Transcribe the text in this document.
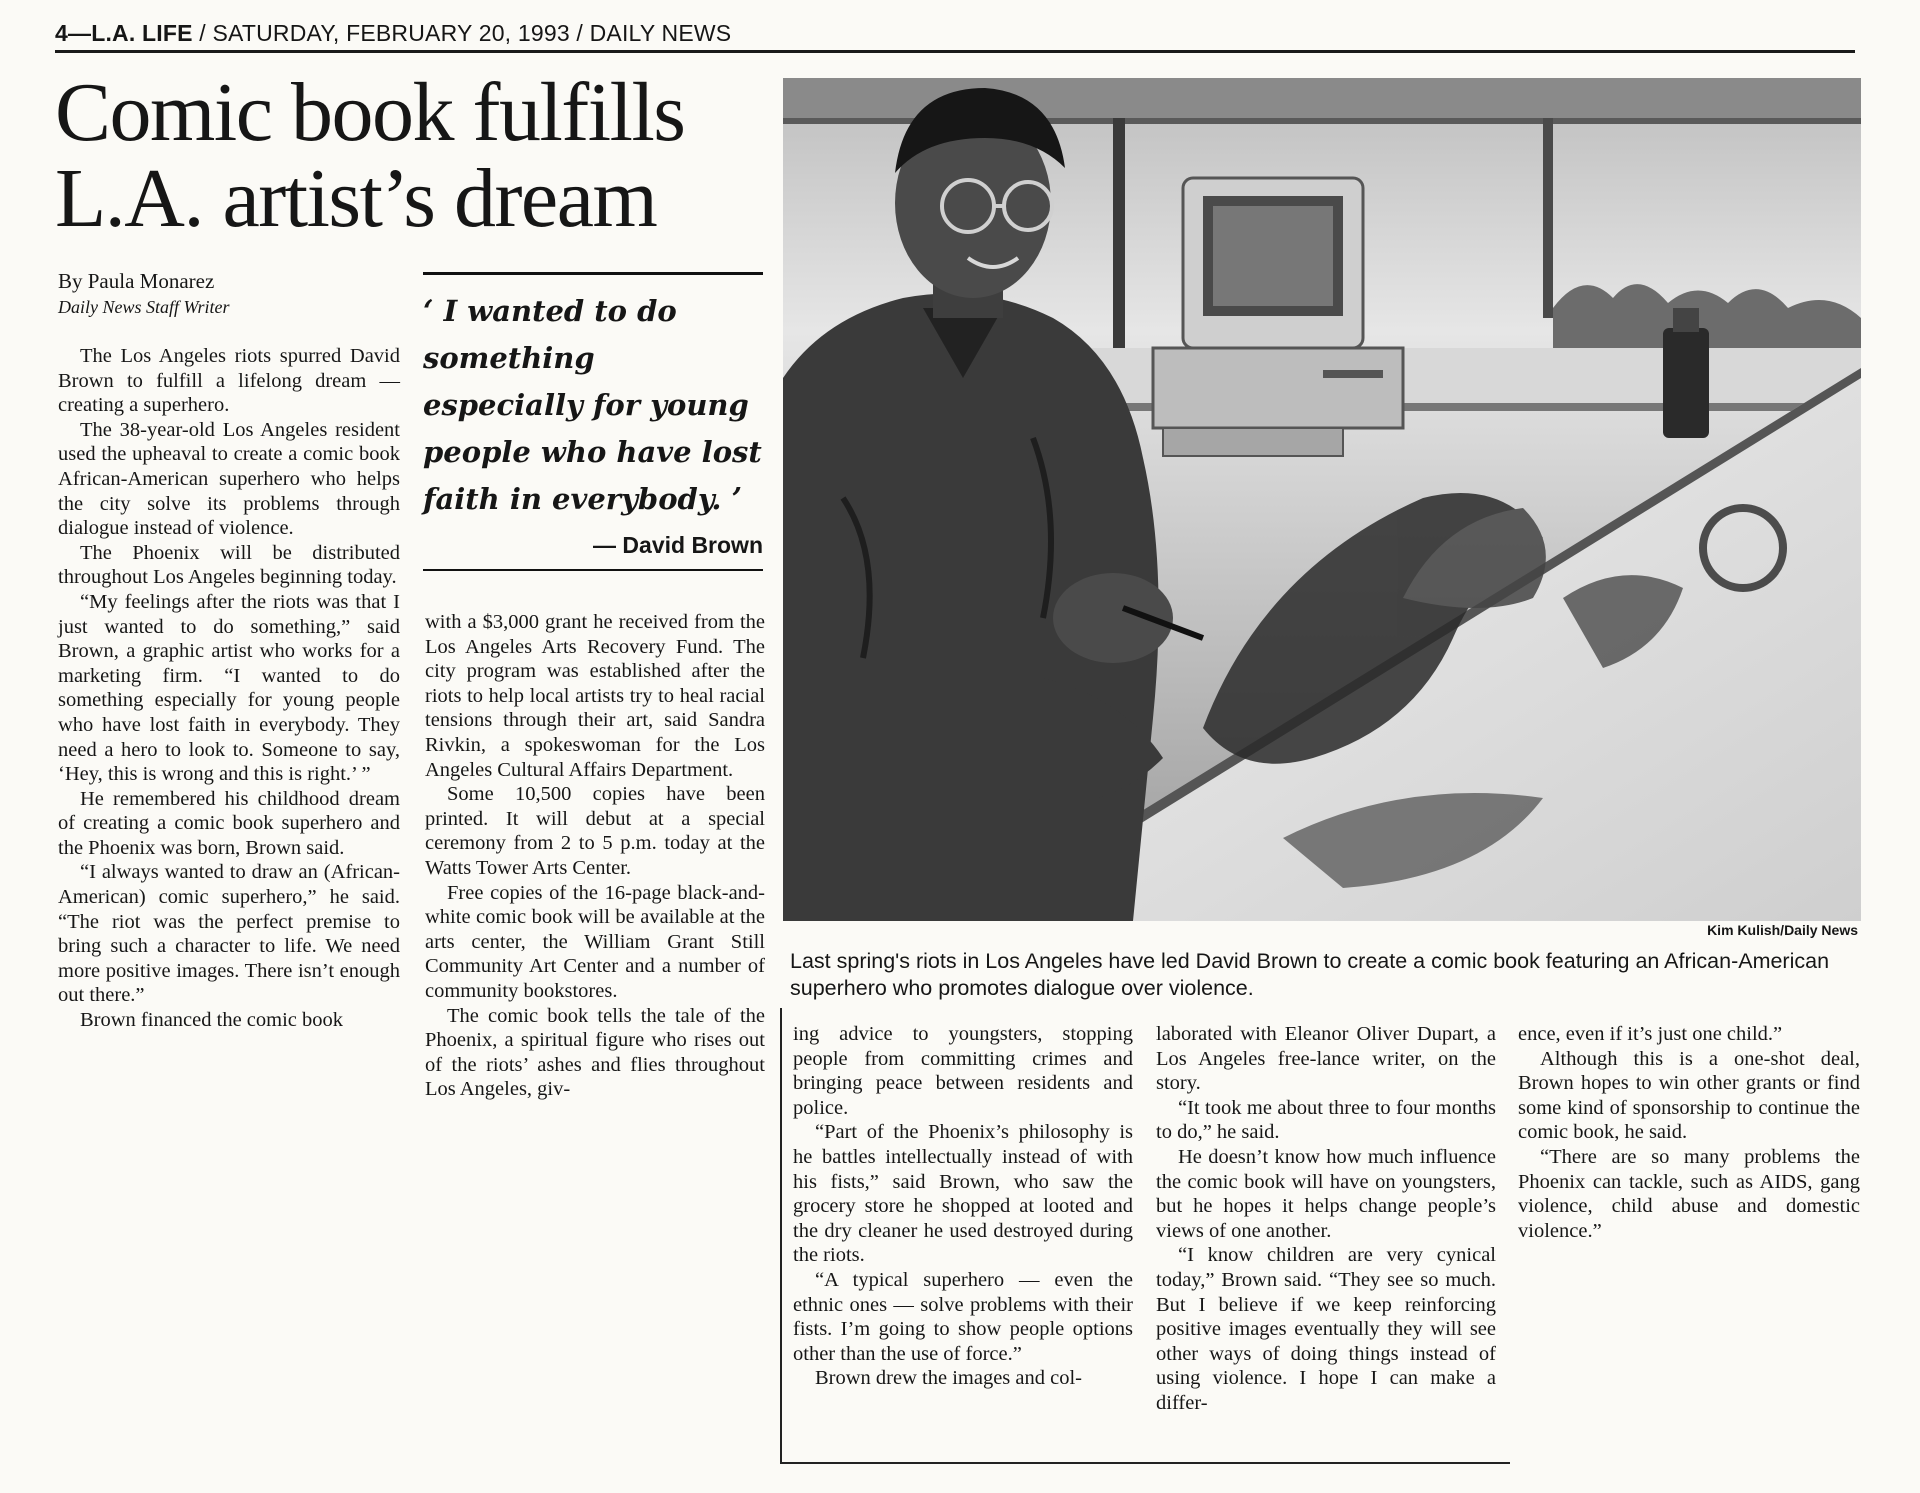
4—L.A. LIFE / SATURDAY, FEBRUARY 20, 1993 / DAILY NEWS
Comic book fulfills
L.A. artist’s dream
By Paula Monarez
Daily News Staff Writer	‘ I wanted to do something especially for young people who have lost faith in everybody. ’
— David Brown

The Los Angeles riots spurred David Brown to fulfill a lifelong dream — creating a superhero.

The 38-year-old Los Angeles resident used the upheaval to create a comic book African-American superhero who helps the city solve its problems through dialogue instead of violence.

The Phoenix will be distributed throughout Los Angeles beginning today.

“My feelings after the riots was that I just wanted to do something,” said Brown, a graphic artist who works for a marketing firm. “I wanted to do something especially for young people who have lost faith in everybody. They need a hero to look to. Someone to say, ‘Hey, this is wrong and this is right.’ ”

He remembered his childhood dream of creating a comic book superhero and the Phoenix was born, Brown said.

“I always wanted to draw an (African-American) comic superhero,” he said. “The riot was the perfect premise to bring such a character to life. We need more positive images. There isn’t enough out there.”

Brown financed the comic book

with a $3,000 grant he received from the Los Angeles Arts Recovery Fund. The city program was established after the riots to help local artists try to heal racial tensions through their art, said Sandra Rivkin, a spokeswoman for the Los Angeles Cultural Affairs Department.

Some 10,500 copies have been printed. It will debut at a special ceremony from 2 to 5 p.m. today at the Watts Tower Arts Center.

Free copies of the 16-page black-and-white comic book will be available at the arts center, the William Grant Still Community Art Center and a number of community bookstores.

The comic book tells the tale of the Phoenix, a spiritual figure who rises out of the riots’ ashes and flies throughout Los Angeles, giv-

Kim Kulish/Daily News
Last spring's riots in Los Angeles have led David Brown to create a comic book featuring an African-American superhero who promotes dialogue over violence.

ing advice to youngsters, stopping people from committing crimes and bringing peace between residents and police.

“Part of the Phoenix’s philosophy is he battles intellectually instead of with his fists,” said Brown, who saw the grocery store he shopped at looted and the dry cleaner he used destroyed during the riots.

“A typical superhero — even the ethnic ones — solve problems with their fists. I’m going to show people options other than the use of force.”

Brown drew the images and col-

laborated with Eleanor Oliver Dupart, a Los Angeles free-lance writer, on the story.

“It took me about three to four months to do,” he said.

He doesn’t know how much influence the comic book will have on youngsters, but he hopes it helps change people’s views of one another.

“I know children are very cynical today,” Brown said. “They see so much. But I believe if we keep reinforcing positive images eventually they will see other ways of doing things instead of using violence. I hope I can make a differ-

ence, even if it’s just one child.”

Although this is a one-shot deal, Brown hopes to win other grants or find some kind of sponsorship to continue the comic book, he said.

“There are so many problems the Phoenix can tackle, such as AIDS, gang violence, child abuse and domestic violence.”
